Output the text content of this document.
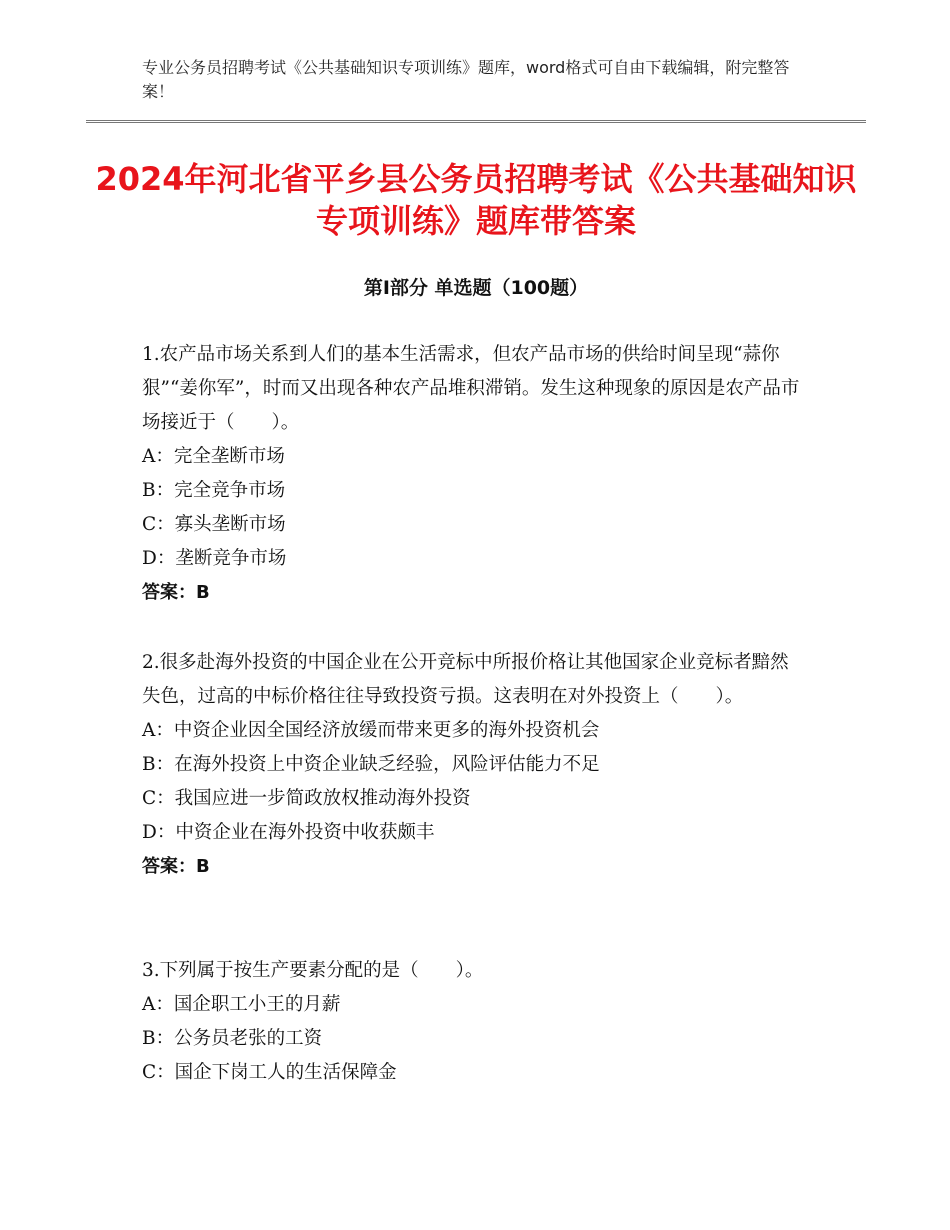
专业公务员招聘考试《公共基础知识专项训练》题库，word格式可自由下载编辑，附完整答案！
2024年河北省平乡县公务员招聘考试《公共基础知识专项训练》题库带答案
第Ⅰ部分 单选题（100题）

1.农产品市场关系到人们的基本生活需求，但农产品市场的供给时间呈现“蒜你狠”“姜你军”，时而又出现各种农产品堆积滞销。发生这种现象的原因是农产品市场接近于（　　）。

A：完全垄断市场

B：完全竞争市场

C：寡头垄断市场

D：垄断竞争市场

答案：B

2.很多赴海外投资的中国企业在公开竞标中所报价格让其他国家企业竞标者黯然失色，过高的中标价格往往导致投资亏损。这表明在对外投资上（　　）。

A：中资企业因全国经济放缓而带来更多的海外投资机会

B：在海外投资上中资企业缺乏经验，风险评估能力不足

C：我国应进一步简政放权推动海外投资

D：中资企业在海外投资中收获颇丰

答案：B

3.下列属于按生产要素分配的是（　　）。

A：国企职工小王的月薪

B：公务员老张的工资

C：国企下岗工人的生活保障金
